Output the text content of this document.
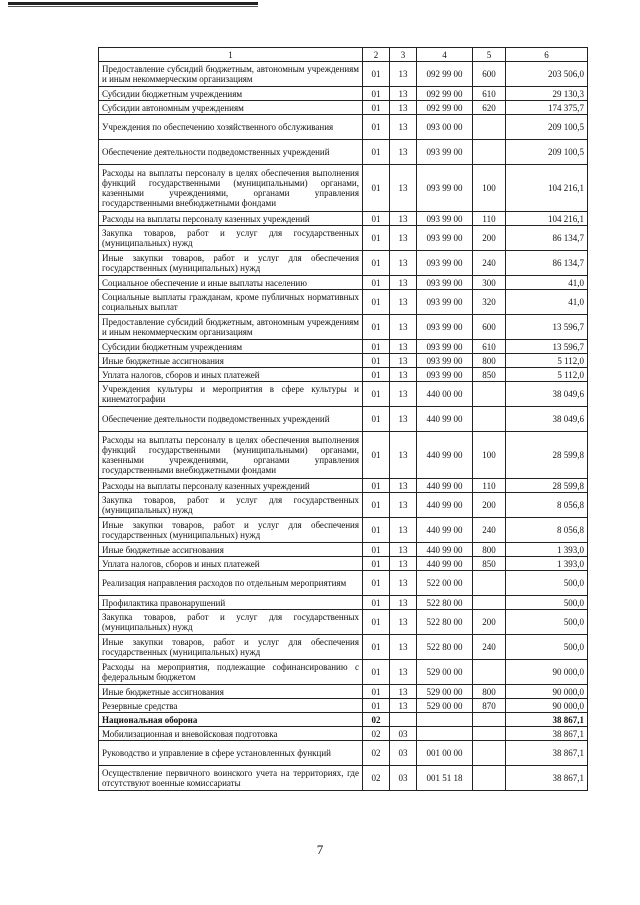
1	2	3	4	5	6
Предоставление субсидий бюджетным, автономным учреждениям и иным некоммерческим организациям	01	13	092 99 00	600	203 506,0
Субсидии бюджетным учреждениям	01	13	092 99 00	610	29 130,3
Субсидии автономным учреждениям	01	13	092 99 00	620	174 375,7
Учреждения по обеспечению хозяйственного обслуживания	01	13	093 00 00		209 100,5
Обеспечение деятельности подведомственных учреждений	01	13	093 99 00		209 100,5
Расходы на выплаты персоналу в целях обеспечения выполнения функций государственными (муниципальными) органами, казенными учреждениями, органами управления государственными внебюджетными фондами	01	13	093 99 00	100	104 216,1
Расходы на выплаты персоналу казенных учреждений	01	13	093 99 00	110	104 216,1
Закупка товаров, работ и услуг для государственных (муниципальных) нужд	01	13	093 99 00	200	86 134,7
Иные закупки товаров, работ и услуг для обеспечения государственных (муниципальных) нужд	01	13	093 99 00	240	86 134,7
Социальное обеспечение и иные выплаты населению	01	13	093 99 00	300	41,0
Социальные выплаты гражданам, кроме публичных нормативных социальных выплат	01	13	093 99 00	320	41,0
Предоставление субсидий бюджетным, автономным учреждениям и иным некоммерческим организациям	01	13	093 99 00	600	13 596,7
Субсидии бюджетным учреждениям	01	13	093 99 00	610	13 596,7
Иные бюджетные ассигнования	01	13	093 99 00	800	5 112,0
Уплата налогов, сборов и иных платежей	01	13	093 99 00	850	5 112,0
Учреждения культуры и мероприятия в сфере культуры и кинематографии	01	13	440 00 00		38 049,6
Обеспечение деятельности подведомственных учреждений	01	13	440 99 00		38 049,6
Расходы на выплаты персоналу в целях обеспечения выполнения функций государственными (муниципальными) органами, казенными учреждениями, органами управления государственными внебюджетными фондами	01	13	440 99 00	100	28 599,8
Расходы на выплаты персоналу казенных учреждений	01	13	440 99 00	110	28 599,8
Закупка товаров, работ и услуг для государственных (муниципальных) нужд	01	13	440 99 00	200	8 056,8
Иные закупки товаров, работ и услуг для обеспечения государственных (муниципальных) нужд	01	13	440 99 00	240	8 056,8
Иные бюджетные ассигнования	01	13	440 99 00	800	1 393,0
Уплата налогов, сборов и иных платежей	01	13	440 99 00	850	1 393,0
Реализация направления расходов по отдельным мероприятиям	01	13	522 00 00		500,0
Профилактика правонарушений	01	13	522 80 00		500,0
Закупка товаров, работ и услуг для государственных (муниципальных) нужд	01	13	522 80 00	200	500,0
Иные закупки товаров, работ и услуг для обеспечения государственных (муниципальных) нужд	01	13	522 80 00	240	500,0
Расходы на мероприятия, подлежащие софинансированию с федеральным бюджетом	01	13	529 00 00		90 000,0
Иные бюджетные ассигнования	01	13	529 00 00	800	90 000,0
Резервные средства	01	13	529 00 00	870	90 000,0
Национальная оборона	02				38 867,1
Мобилизационная и вневойсковая подготовка	02	03			38 867,1
Руководство и управление в сфере установленных функций	02	03	001 00 00		38 867,1
Осуществление первичного воинского учета на территориях, где отсутствуют военные комиссариаты	02	03	001 51 18		38 867,1
7
